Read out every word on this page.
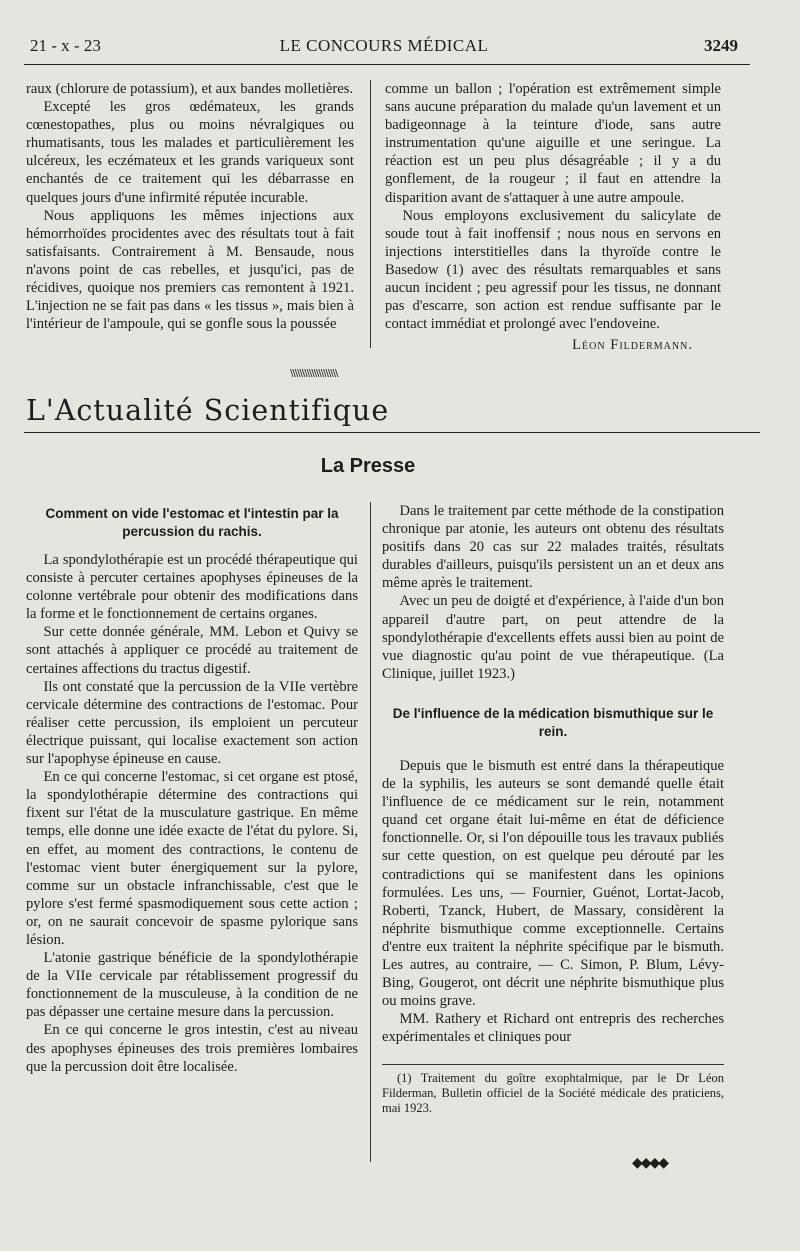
21 - x - 23	LE CONCOURS MÉDICAL	3249

raux (chlorure de potassium), et aux bandes molletières.

Excepté les gros œdémateux, les grands cœnestopathes, plus ou moins névralgiques ou rhumatisants, tous les malades et particulièrement les ulcéreux, les eczémateux et les grands variqueux sont enchantés de ce traitement qui les débarrasse en quelques jours d'une infirmité réputée incurable.

Nous appliquons les mêmes injections aux hémorrhoïdes procidentes avec des résultats tout à fait satisfaisants. Contrairement à M. Bensaude, nous n'avons point de cas rebelles, et jusqu'ici, pas de récidives, quoique nos premiers cas remontent à 1921. L'injection ne se fait pas dans « les tissus », mais bien à l'intérieur de l'ampoule, qui se gonfle sous la poussée

comme un ballon ; l'opération est extrêmement simple sans aucune préparation du malade qu'un lavement et un badigeonnage à la teinture d'iode, sans autre instrumentation qu'une aiguille et une seringue. La réaction est un peu plus désagréable ; il y a du gonflement, de la rougeur ; il faut en attendre la disparition avant de s'attaquer à une autre ampoule.

Nous employons exclusivement du salicylate de soude tout à fait inoffensif ; nous nous en servons en injections interstitielles dans la thyroïde contre le Basedow (1) avec des résultats remarquables et sans aucun incident ; peu agressif pour les tissus, ne donnant pas d'escarre, son action est rendue suffisante par le contact immédiat et prolongé avec l'endoveine.

Léon Fildermann.

\\\\\\\\\\\\\\\\\\\\
L'Actualité Scientifique
La Presse

Comment on vide l'estomac et l'intestin par la percussion du rachis.

La spondylothérapie est un procédé thérapeutique qui consiste à percuter certaines apophyses épineuses de la colonne vertébrale pour obtenir des modifications dans la forme et le fonctionnement de certains organes.

Sur cette donnée générale, MM. Lebon et Quivy se sont attachés à appliquer ce procédé au traitement de certaines affections du tractus digestif.

Ils ont constaté que la percussion de la VIIe vertèbre cervicale détermine des contractions de l'estomac. Pour réaliser cette percussion, ils emploient un percuteur électrique puissant, qui localise exactement son action sur l'apophyse épineuse en cause.

En ce qui concerne l'estomac, si cet organe est ptosé, la spondylothérapie détermine des contractions qui fixent sur l'état de la musculature gastrique. En même temps, elle donne une idée exacte de l'état du pylore. Si, en effet, au moment des contractions, le contenu de l'estomac vient buter énergiquement sur la pylore, comme sur un obstacle infranchissable, c'est que le pylore s'est fermé spasmodiquement sous cette action ; or, on ne saurait concevoir de spasme pylorique sans lésion.

L'atonie gastrique bénéficie de la spondylothérapie de la VIIe cervicale par rétablissement progressif du fonctionnement de la musculeuse, à la condition de ne pas dépasser une certaine mesure dans la percussion.

En ce qui concerne le gros intestin, c'est au niveau des apophyses épineuses des trois premières lombaires que la percussion doit être localisée.

Dans le traitement par cette méthode de la constipation chronique par atonie, les auteurs ont obtenu des résultats positifs dans 20 cas sur 22 malades traités, résultats durables d'ailleurs, puisqu'ils persistent un an et deux ans même après le traitement.

Avec un peu de doigté et d'expérience, à l'aide d'un bon appareil d'autre part, on peut attendre de la spondylothérapie d'excellents effets aussi bien au point de vue diagnostic qu'au point de vue thérapeutique. (La Clinique, juillet 1923.)

De l'influence de la médication bismuthique sur le rein.

Depuis que le bismuth est entré dans la thérapeutique de la syphilis, les auteurs se sont demandé quelle était l'influence de ce médicament sur le rein, notamment quand cet organe était lui-même en état de déficience fonctionnelle. Or, si l'on dépouille tous les travaux publiés sur cette question, on est quelque peu dérouté par les contradictions qui se manifestent dans les opinions formulées. Les uns, — Fournier, Guénot, Lortat-Jacob, Roberti, Tzanck, Hubert, de Massary, considèrent la néphrite bismuthique comme exceptionnelle. Certains d'entre eux traitent la néphrite spécifique par le bismuth. Les autres, au contraire, — C. Simon, P. Blum, Lévy-Bing, Gougerot, ont décrit une néphrite bismuthique plus ou moins grave.

MM. Rathery et Richard ont entrepris des recherches expérimentales et cliniques pour

(1) Traitement du goître exophtalmique, par le Dr Léon Filderman, Bulletin officiel de la Société médicale des praticiens, mai 1923.

◆◆◆◆
